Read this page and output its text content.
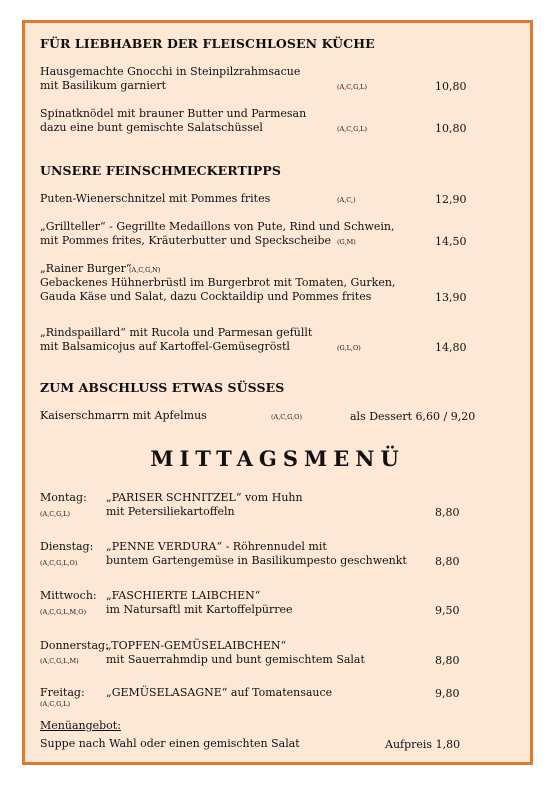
FÜR LIEBHABER DER FLEISCHLOSEN KÜCHE
Hausgemachte Gnocchi in Steinpilzrahmsacue
mit Basilikum garniert	(A,C,G,L)	10,80
Spinatknödel mit brauner Butter und Parmesan
dazu eine bunt gemischte Salatschüssel	(A,C,G,L)	10,80
UNSERE FEINSCHMECKERTIPPS
Puten-Wienerschnitzel mit Pommes frites	(A,C,)	12,90
„Grillteller“ - Gegrillte Medaillons von Pute, Rind und Schwein,
mit Pommes frites, Kräuterbutter und Speckscheibe (G,M)	14,50
„Rainer Burger“
(A,C,G,N)
Gebackenes Hühnerbrüstl im Burgerbrot mit Tomaten, Gurken,
Gauda Käse und Salat, dazu Cocktaildip und Pommes frites	13,90
„Rindspaillard“ mit Rucola und Parmesan gefüllt
mit Balsamicojus auf Kartoffel-Gemüsegröstl	(G,L,O)	14,80
ZUM ABSCHLUSS ETWAS SÜSSES
Kaiserschmarrn mit Apfelmus	(A,C,G,O)	als Dessert 6,60 / 9,20
MITTAGSMENÜ
Montag:
(A,C,G,L)
„PARISER SCHNITZEL“ vom Huhn
mit Petersiliekartoffeln	8,80
Dienstag:
(A,C,G,L,O)
„PENNE VERDURA“ - Röhrennudel mit
buntem Gartengemüse in Basilikumpesto geschwenkt	8,80
Mittwoch:
(A,C,G,L,M,O)
„FASCHIERTE LAIBCHEN“
im Natursaftl mit Kartoffelpürree	9,50
Donnerstag:
(A,C,G,L,M)
„TOPFEN-GEMÜSELAIBCHEN“
mit Sauerrahmdip und bunt gemischtem Salat	8,80
Freitag:
(A,C,G,L)
„GEMÜSELASAGNE“ auf Tomatensauce	9,80
Menüangebot:
Suppe nach Wahl oder einen gemischten Salat	Aufpreis 1,80
